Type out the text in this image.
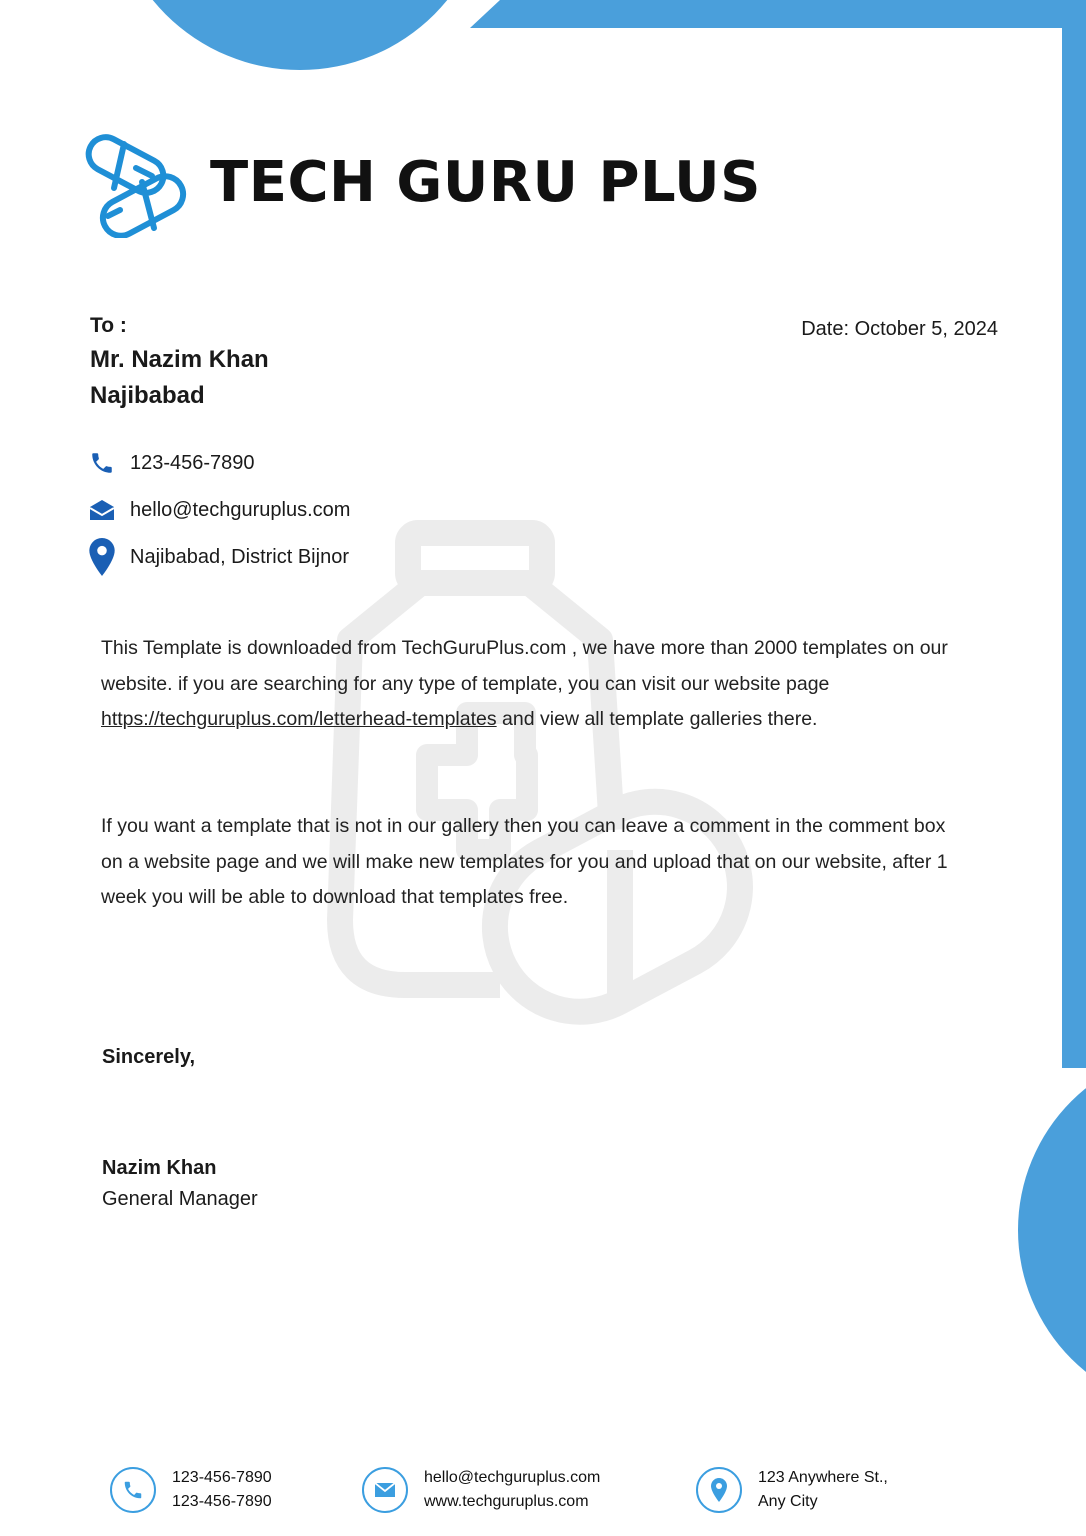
TECH GURU PLUS
To :
Mr. Nazim Khan
Najibabad
Date: October 5, 2024
123-456-7890
hello@techguruplus.com
Najibabad, District Bijnor
This Template is downloaded from TechGuruPlus.com , we have more than 2000 templates on our website. if you are searching for any type of template, you can visit our website page https://techguruplus.com/letterhead-templates and view all template galleries there.
If you want a template that is not in our gallery then you can leave a comment in the comment box on a website page and we will make new templates for you and upload that on our website, after 1 week you will be able to download that templates free.
Sincerely,
Nazim Khan
General Manager
123-456-7890
123-456-7890
hello@techguruplus.com
www.techguruplus.com
123 Anywhere St.,
Any City
